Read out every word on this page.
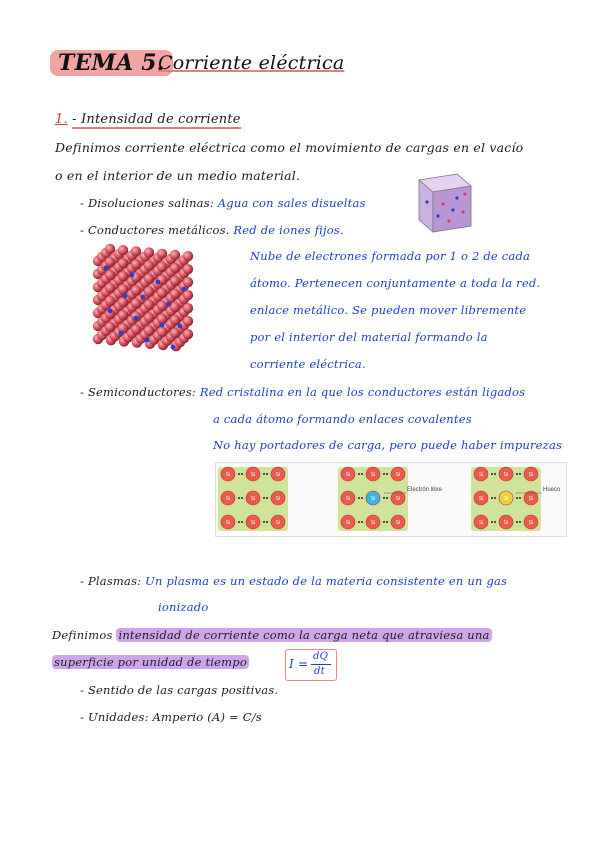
TEMA 5.
Corriente eléctrica
1. - Intensidad de corriente
Definimos corriente eléctrica como el movimiento de cargas en el vacío
o en el interior de un medio material.
- Disoluciones salinas: Agua con sales disueltas
- Conductores metálicos. Red de iones fijos.
Nube de electrones formada por 1 o 2 de cada
átomo. Pertenecen conjuntamente a toda la red.
enlace metálico. Se pueden mover libremente
por el interior del material formando la
corriente eléctrica.
- Semiconductores: Red cristalina en la que los conductores están ligados
a cada átomo formando enlaces covalentes
No hay portadores de carga, pero puede haber impurezas
Si	Si	Si
Si	Si	Si
Si	Si	Si
Si	Si	Si
Si	Si	Si
Si	Si	Si
Si	Si	Si
Si	Si	Si
Si	Si	Si
Electrón libre	Hueco
- Plasmas: Un plasma es un estado de la materia consistente en un gas
ionizado
Definimos intensidad de corriente como la carga neta que atraviesa una
superficie por unidad de tiempo	I =
dQ
dt
- Sentido de las cargas positivas.
- Unidades: Amperio (A) = C/s
